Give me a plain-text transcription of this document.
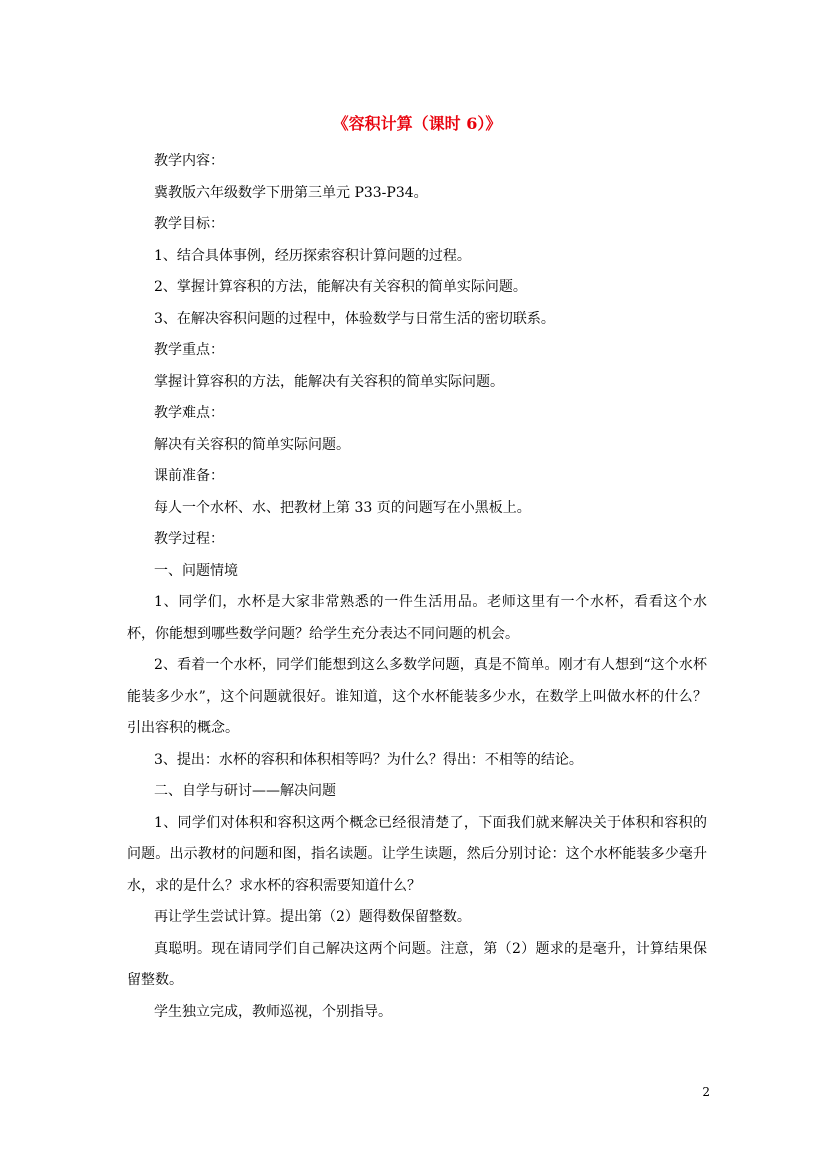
《容积计算（课时 6）》

教学内容：

冀教版六年级数学下册第三单元 P33-P34。

教学目标：

1、结合具体事例，经历探索容积计算问题的过程。

2、掌握计算容积的方法，能解决有关容积的简单实际问题。

3、在解决容积问题的过程中，体验数学与日常生活的密切联系。

教学重点：

掌握计算容积的方法，能解决有关容积的简单实际问题。

教学难点：

解决有关容积的简单实际问题。

课前准备：

每人一个水杯、水、把教材上第 33 页的问题写在小黑板上。

教学过程：

一、问题情境

1、同学们，水杯是大家非常熟悉的一件生活用品。老师这里有一个水杯，看看这个水杯，你能想到哪些数学问题？给学生充分表达不同问题的机会。

2、看着一个水杯，同学们能想到这么多数学问题，真是不简单。刚才有人想到“这个水杯能装多少水”，这个问题就很好。谁知道，这个水杯能装多少水，在数学上叫做水杯的什么？引出容积的概念。

3、提出：水杯的容积和体积相等吗？为什么？得出：不相等的结论。

二、自学与研讨——解决问题

1、同学们对体积和容积这两个概念已经很清楚了，下面我们就来解决关于体积和容积的问题。出示教材的问题和图，指名读题。让学生读题，然后分别讨论：这个水杯能装多少毫升水，求的是什么？求水杯的容积需要知道什么？

再让学生尝试计算。提出第（2）题得数保留整数。

真聪明。现在请同学们自己解决这两个问题。注意，第（2）题求的是毫升，计算结果保留整数。

学生独立完成，教师巡视，个别指导。

2
